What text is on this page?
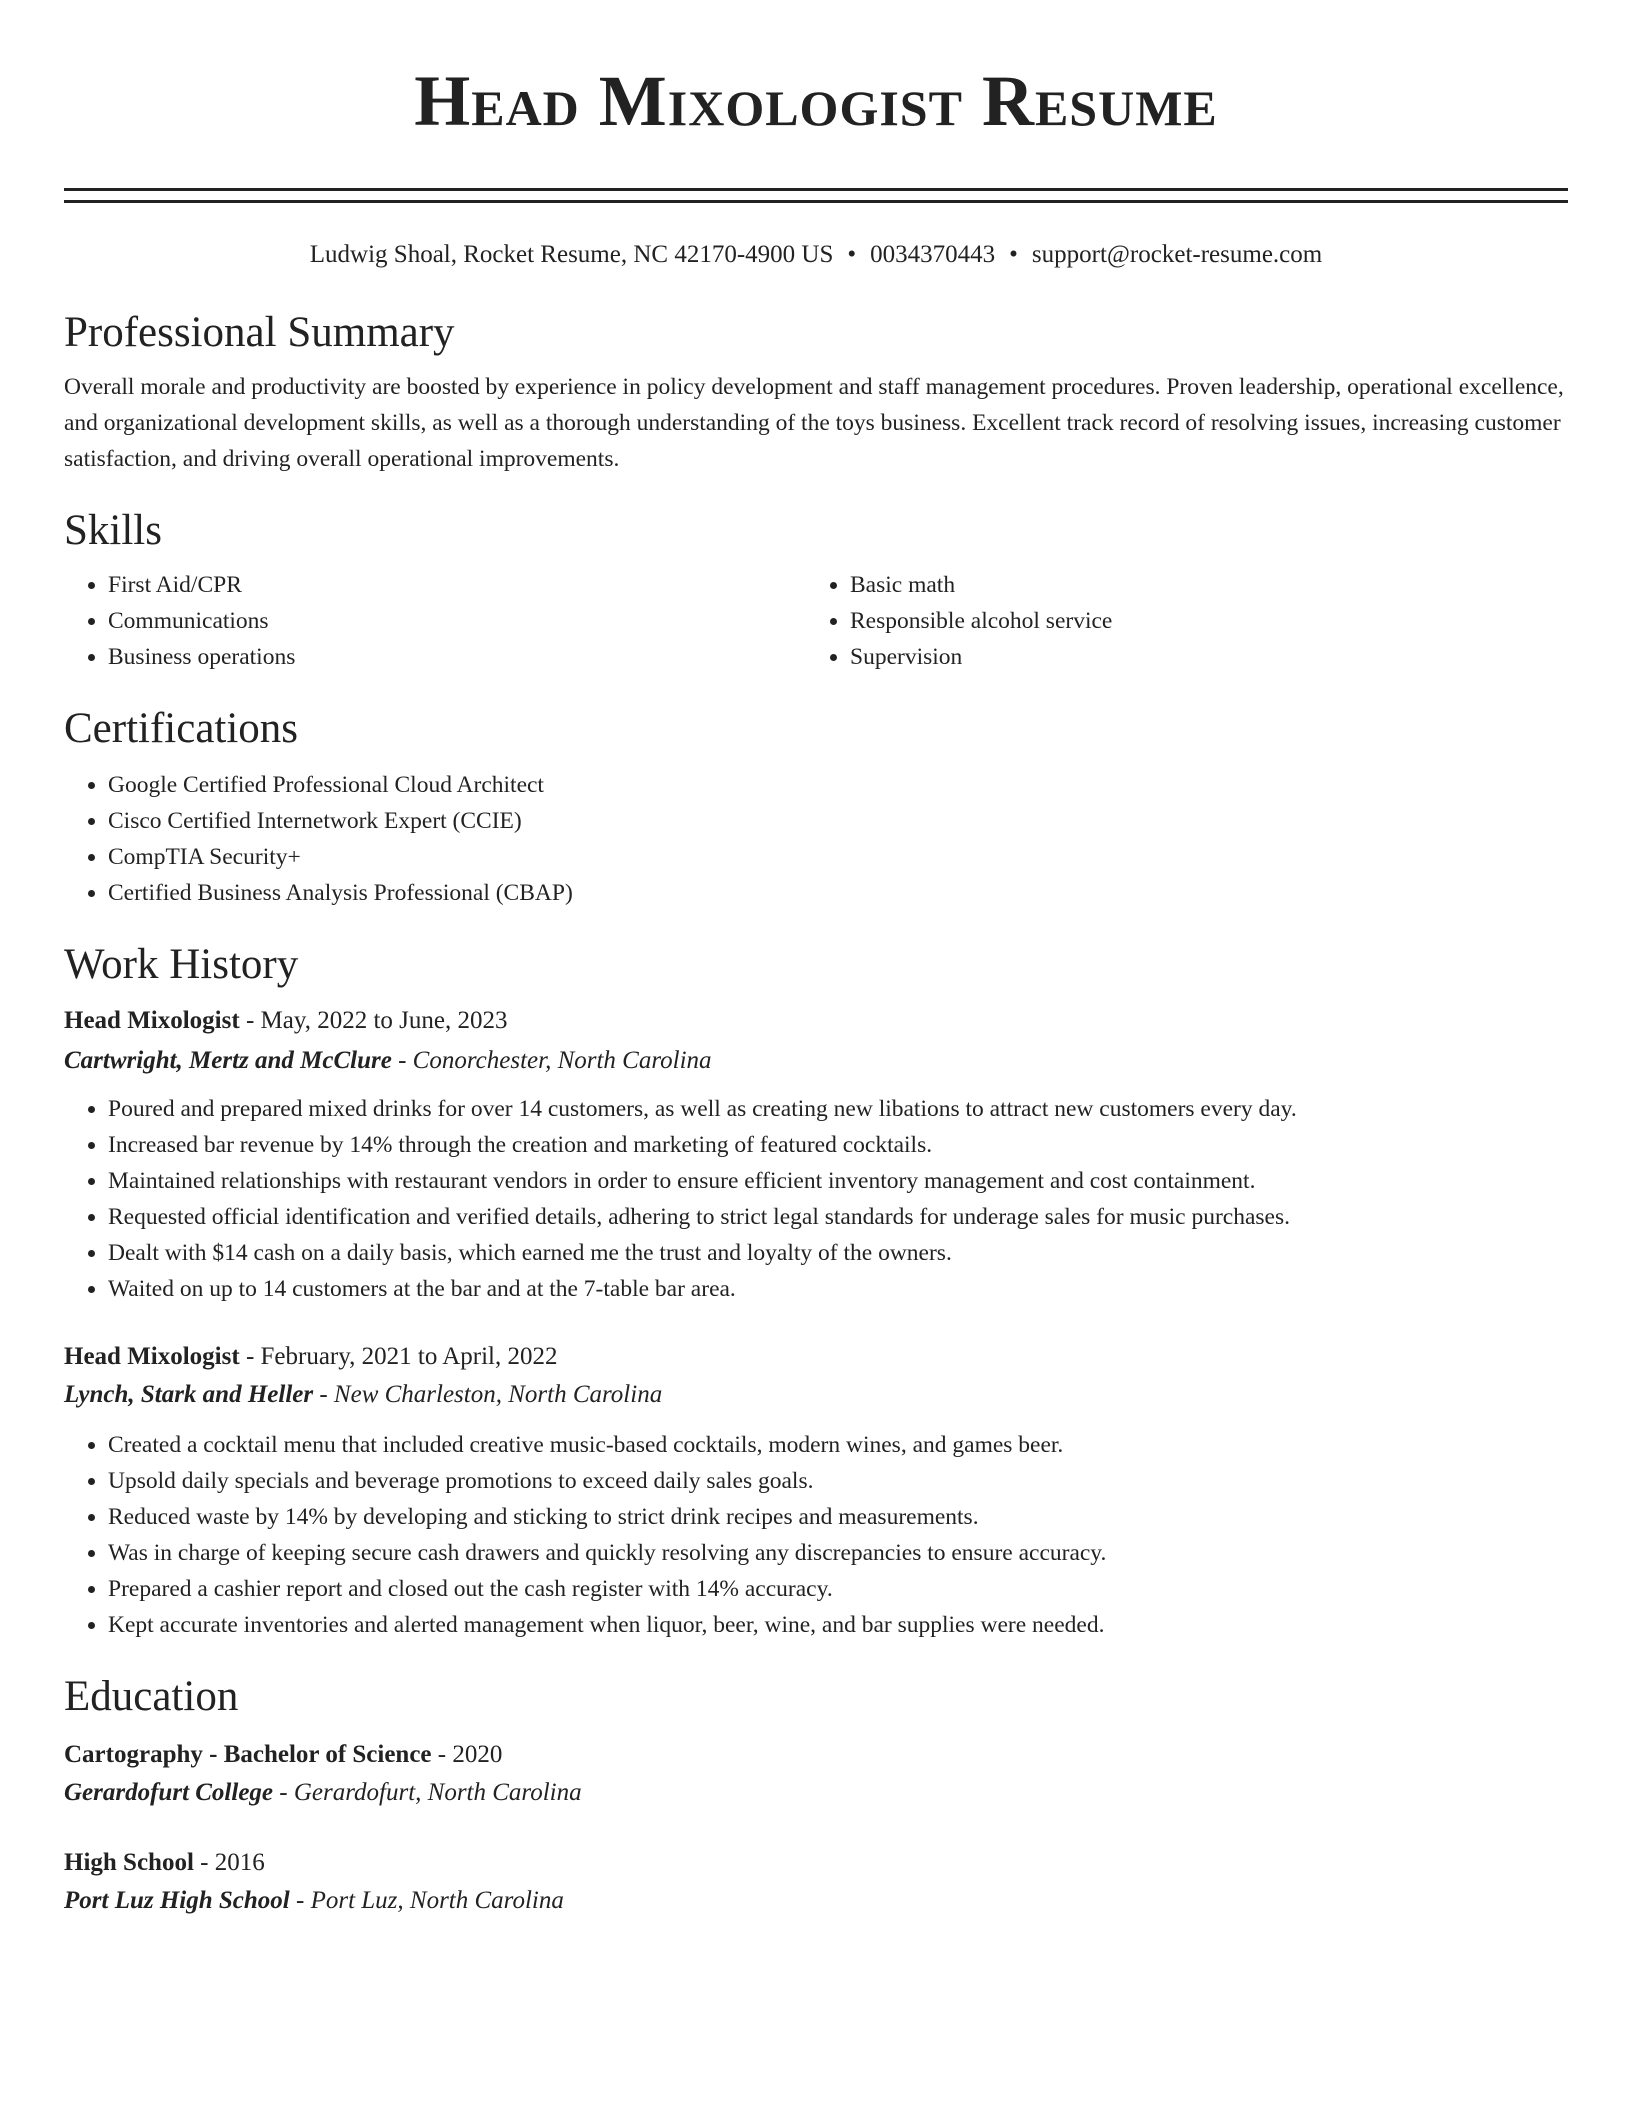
Head Mixologist Resume
Ludwig Shoal, Rocket Resume, NC 42170-4900 US • 0034370443 • support@rocket-resume.com
Professional Summary

Overall morale and productivity are boosted by experience in policy development and staff management procedures. Proven leadership, operational excellence, and organizational development skills, as well as a thorough understanding of the toys business. Excellent track record of resolving issues, increasing customer satisfaction, and driving overall operational improvements.

Skills
• First Aid/CPR
• Communications
• Business operations
• Basic math
• Responsible alcohol service
• Supervision
Certifications
• Google Certified Professional Cloud Architect
• Cisco Certified Internetwork Expert (CCIE)
• CompTIA Security+
• Certified Business Analysis Professional (CBAP)
Work History

Head Mixologist - May, 2022 to June, 2023

Cartwright, Mertz and McClure - Conorchester, North Carolina

• Poured and prepared mixed drinks for over 14 customers, as well as creating new libations to attract new customers every day.
• Increased bar revenue by 14% through the creation and marketing of featured cocktails.
• Maintained relationships with restaurant vendors in order to ensure efficient inventory management and cost containment.
• Requested official identification and verified details, adhering to strict legal standards for underage sales for music purchases.
• Dealt with $14 cash on a daily basis, which earned me the trust and loyalty of the owners.
• Waited on up to 14 customers at the bar and at the 7-table bar area.

Head Mixologist - February, 2021 to April, 2022

Lynch, Stark and Heller - New Charleston, North Carolina

• Created a cocktail menu that included creative music-based cocktails, modern wines, and games beer.
• Upsold daily specials and beverage promotions to exceed daily sales goals.
• Reduced waste by 14% by developing and sticking to strict drink recipes and measurements.
• Was in charge of keeping secure cash drawers and quickly resolving any discrepancies to ensure accuracy.
• Prepared a cashier report and closed out the cash register with 14% accuracy.
• Kept accurate inventories and alerted management when liquor, beer, wine, and bar supplies were needed.
Education

Cartography - Bachelor of Science - 2020

Gerardofurt College - Gerardofurt, North Carolina

High School - 2016

Port Luz High School - Port Luz, North Carolina
